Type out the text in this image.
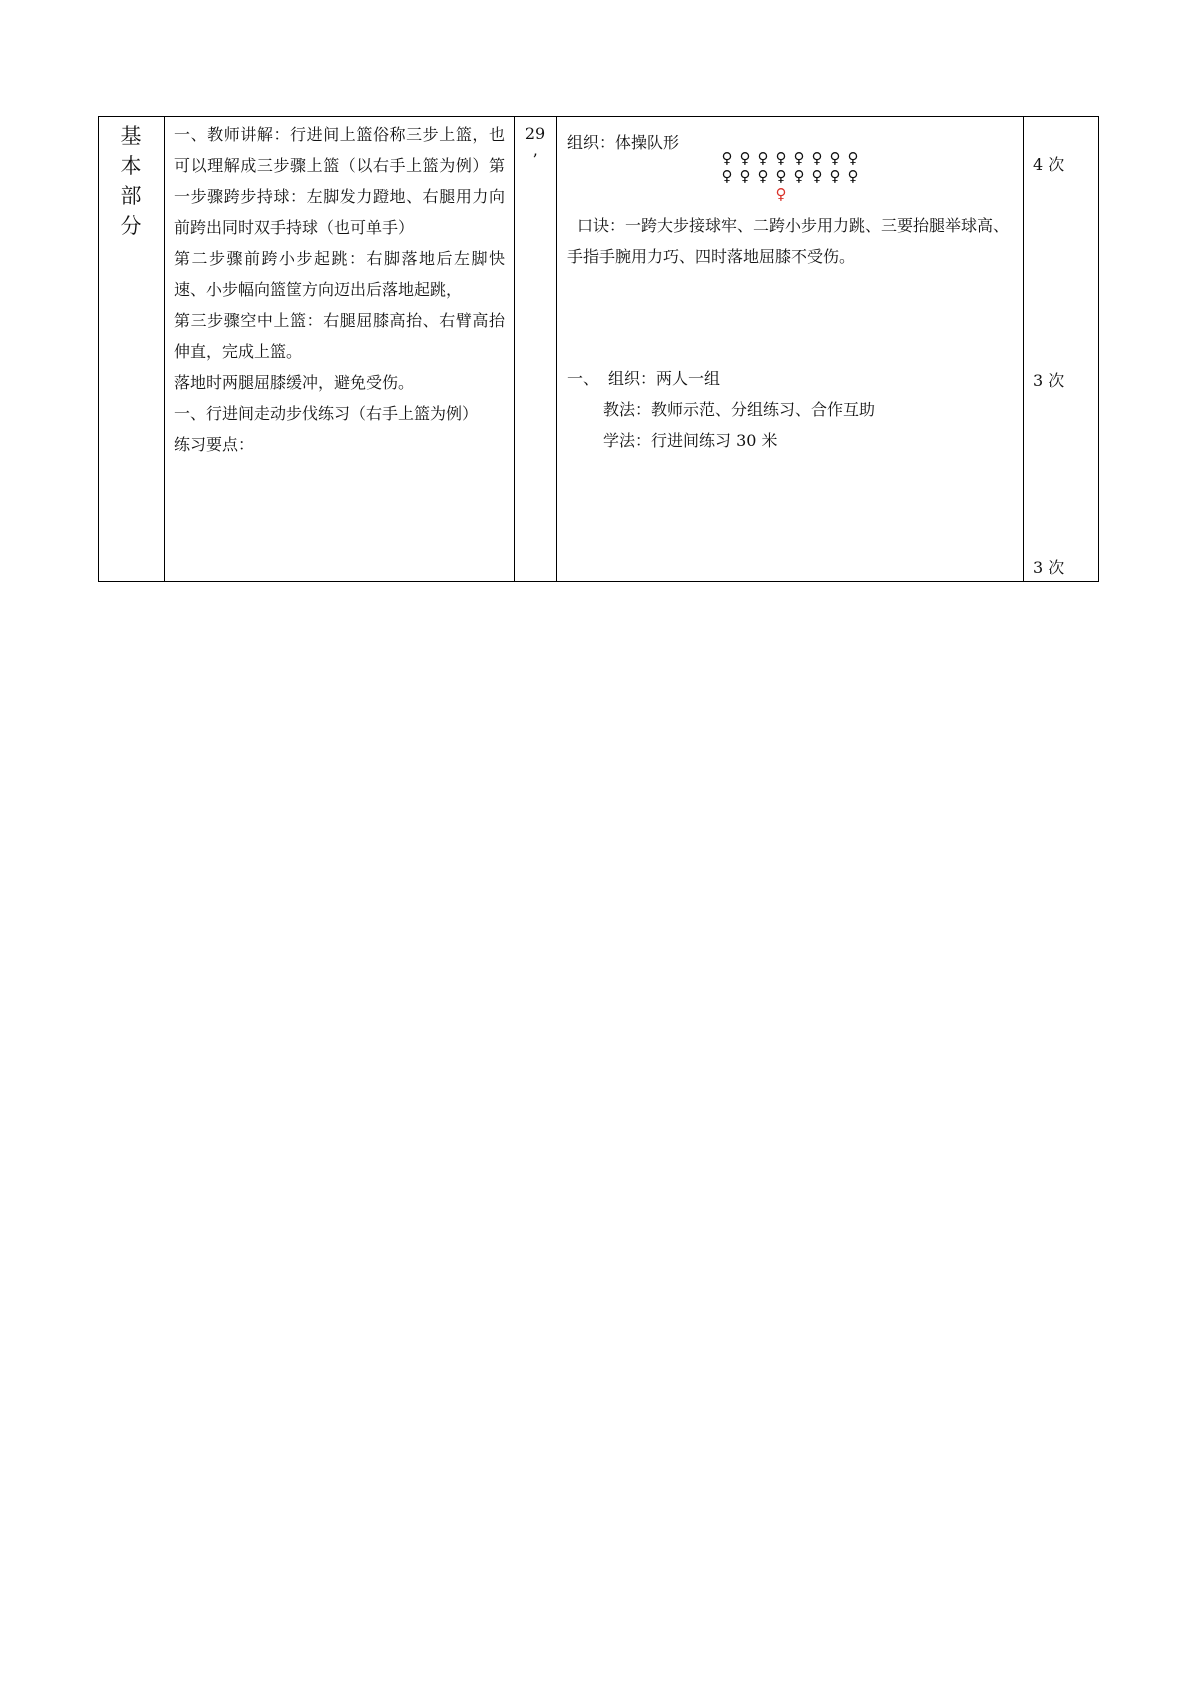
基
本
部
分

一、教师讲解：行进间上篮俗称三步上篮，也可以理解成三步骤上篮（以右手上篮为例）第一步骤跨步持球：左脚发力蹬地、右腿用力向前跨出同时双手持球（也可单手）

第二步骤前跨小步起跳：右脚落地后左脚快速、小步幅向篮筐方向迈出后落地起跳，

第三步骤空中上篮：右腿屈膝高抬、右臂高抬伸直，完成上篮。

落地时两腿屈膝缓冲，避免受伤。

一、行进间走动步伐练习（右手上篮为例）

练习要点：

29
’
组织：体操队形
♀ ♀ ♀ ♀ ♀ ♀ ♀ ♀
♀ ♀ ♀ ♀ ♀ ♀ ♀ ♀
♀
口诀：一跨大步接球牢、二跨小步用力跳、三要抬腿举球高、手指手腕用力巧、四时落地屈膝不受伤。
一、 组织：两人一组
教法：教师示范、分组练习、合作互助
学法：行进间练习 30 米
4 次
3 次
3 次
